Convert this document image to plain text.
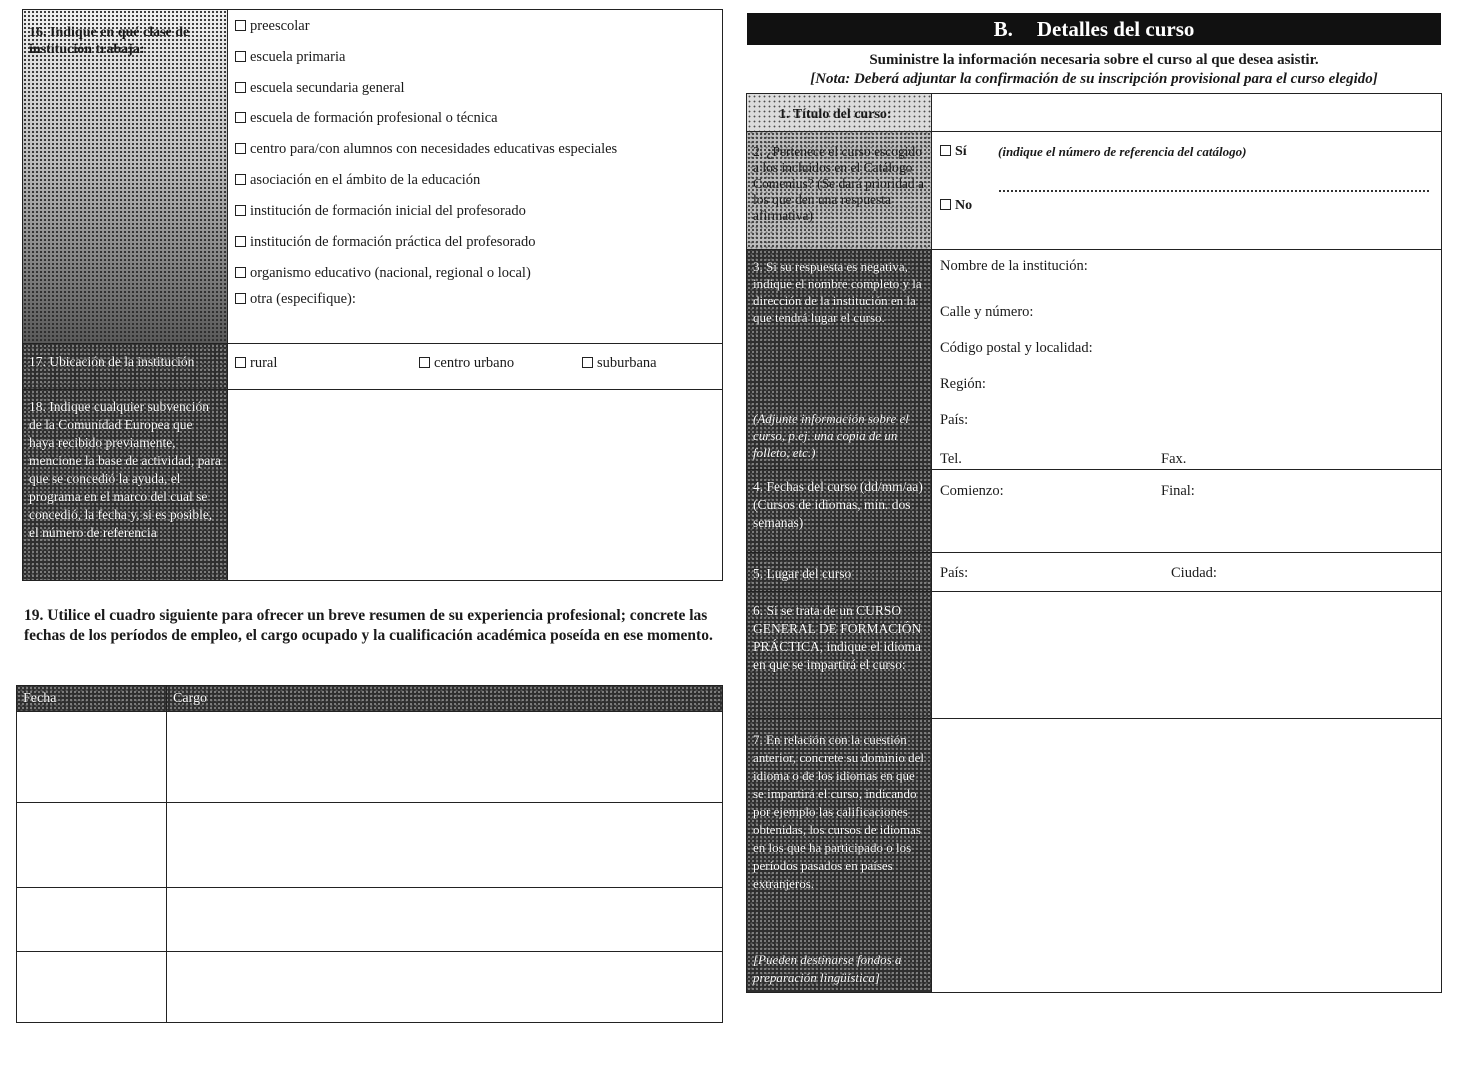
16. Indique en qué clase de institución trabaja:
preescolar
escuela primaria
escuela secundaria general
escuela de formación profesional o técnica
centro para/con alumnos con necesidades educativas especiales
asociación en el ámbito de la educación
institución de formación inicial del profesorado
institución de formación práctica del profesorado
organismo educativo (nacional, regional o local)
otra (especifique):
17. Ubicación de la institución	rural	centro urbano	suburbana
18. Indique cualquier subvención de la Comunidad Europea que haya recibido previamente, mencione la base de actividad, para que se concedió la ayuda, el programa en el marco del cual se concedió, la fecha y, si es posible, el número de referencia
19. Utilice el cuadro siguiente para ofrecer un breve resumen de su experiencia profesional; concrete las fechas de los períodos de empleo, el cargo ocupado y la cualificación académica poseída en ese momento.
Fecha	Cargo
B. Detalles del curso
Suministre la información necesaria sobre el curso al que desea asistir.
[Nota: Deberá adjuntar la confirmación de su inscripción provisional para el curso elegido]
1. Título del curso:
2. ¿Pertenece el curso escogido a los incluidos en el Catálogo Comenius? (Se dará prioridad a los que den una respuesta afirmativa)
Sí (indique el número de referencia del catálogo)
No
3. Si su respuesta es negativa, indique el nombre completo y la dirección de la institución en la que tendrá lugar el curso.
(Adjunte información sobre el curso, p.ej. una copia de un folleto, etc.)
Nombre de la institución:
Calle y número:
Código postal y localidad:
Región:
País:
Tel.	Fax.
4. Fechas del curso (dd/mm/aa) (Cursos de idiomas, mín. dos semanas)
Comienzo:	Final:
5. Lugar del curso	País:	Ciudad:
6. Si se trata de un CURSO GENERAL DE FORMACIÓN PRÁCTICA, indique el idioma en que se impartirá el curso:
7. En relación con la cuestión anterior, concrete su dominio del idioma o de los idiomas en que se impartirá el curso, indicando por ejemplo las calificaciones obtenidas, los cursos de idiomas en los que ha participado o los períodos pasados en países extranjeros.
[Pueden destinarse fondos a preparación lingüística]
